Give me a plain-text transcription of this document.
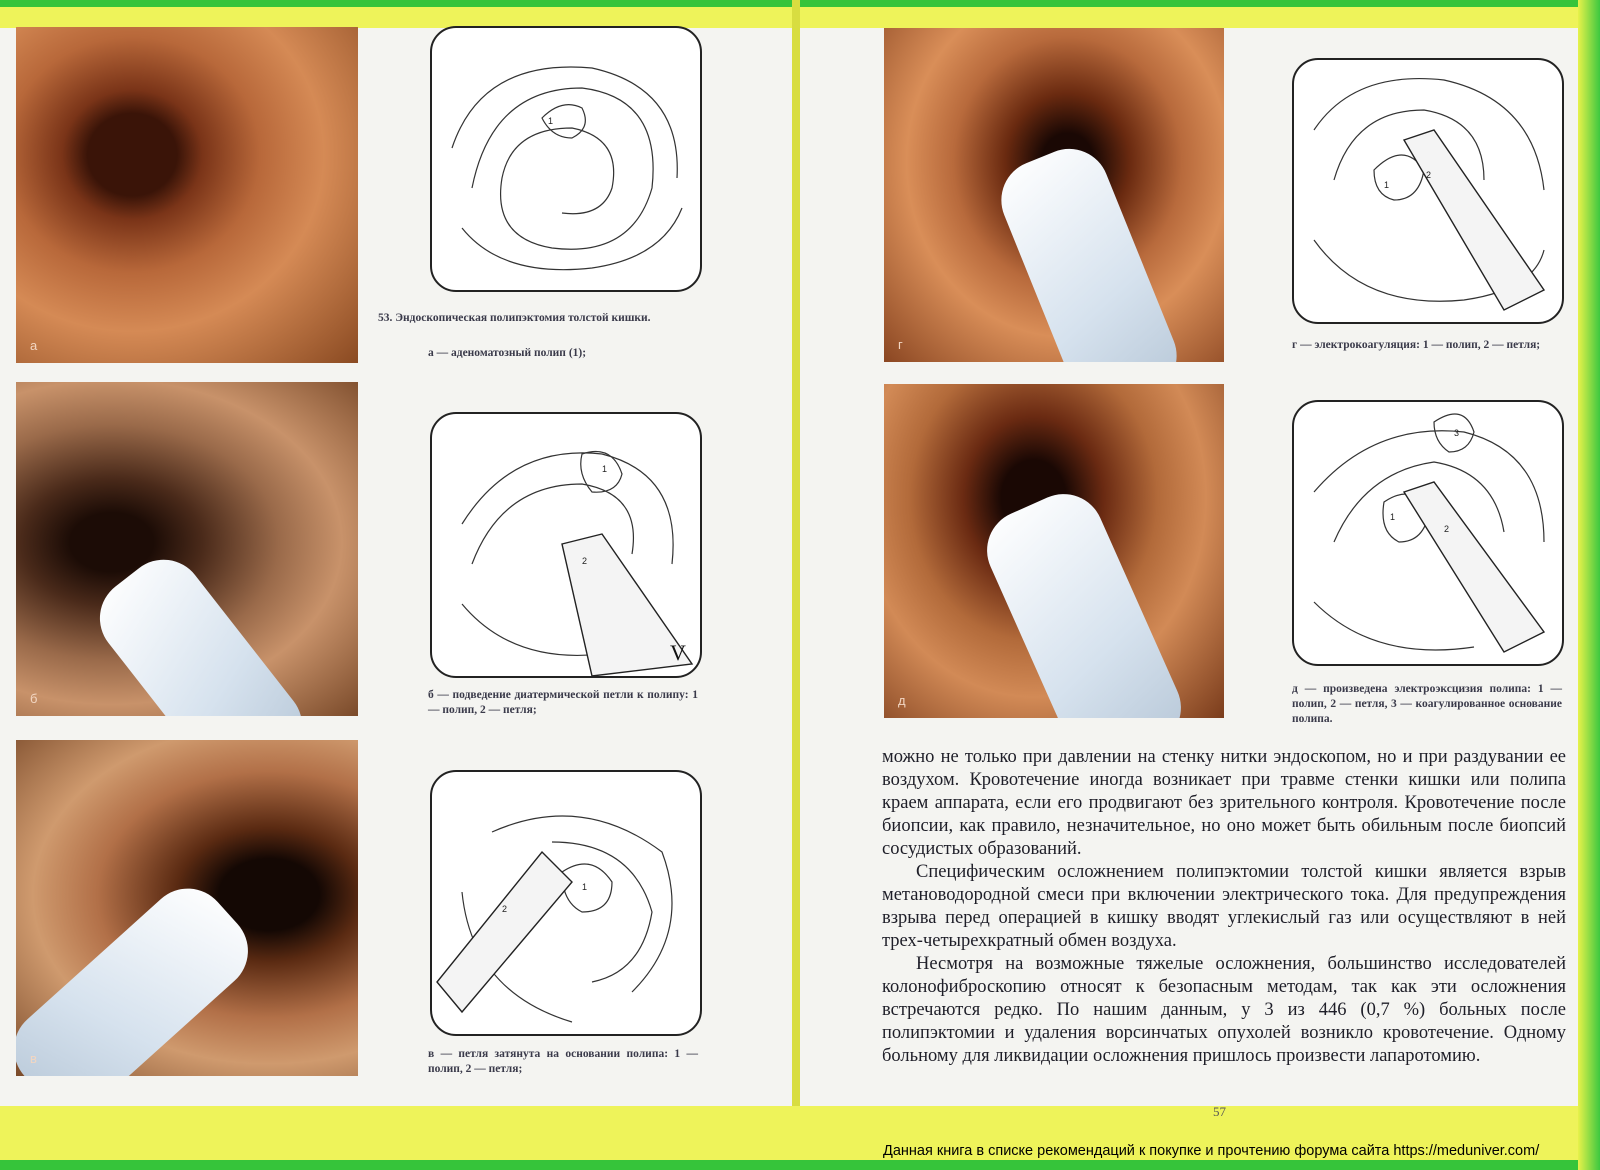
а
б
в
г
д
1
1
2
V
1
2
1
2
3
1
2
53. Эндоскопическая полипэктомия толстой кишки.
а — аденоматозный полип (1);
б — подведение диатермической петли к полипу: 1 — полип, 2 — петля;
в — петля затянута на основании полипа: 1 — полип, 2 — петля;
г — электрокоагуляция: 1 — полип, 2 — петля;
д — произведена электроэксцизия полипа: 1 — полип, 2 — петля, 3 — коагулированное основание полипа.

можно не только при давлении на стенку нитки эндоскопом, но и при раздувании ее воздухом. Кровотечение иногда возникает при травме стенки кишки или полипа краем аппарата, если его продвигают без зрительного контроля. Кровотечение после биопсии, как правило, незначительное, но оно может быть обильным после биопсий сосудистых образований.

Специфическим осложнением полипэктомии толстой кишки является взрыв метановодородной смеси при включении электрического тока. Для предупреждения взрыва перед операцией в кишку вводят углекислый газ или осуществляют в ней трех-четырехкратный обмен воздуха.

Несмотря на возможные тяжелые осложнения, большинство исследователей колонофиброскопию относят к безопасным методам, так как эти осложнения встречаются редко. По нашим данным, у 3 из 446 (0,7 %) больных после полипэктомии и удаления ворсинчатых опухолей возникло кровотечение. Одному больному для ликвидации осложнения пришлось произвести лапаротомию.

57
Данная книга в списке рекомендаций к покупке и прочтению форума сайта https://meduniver.com/
